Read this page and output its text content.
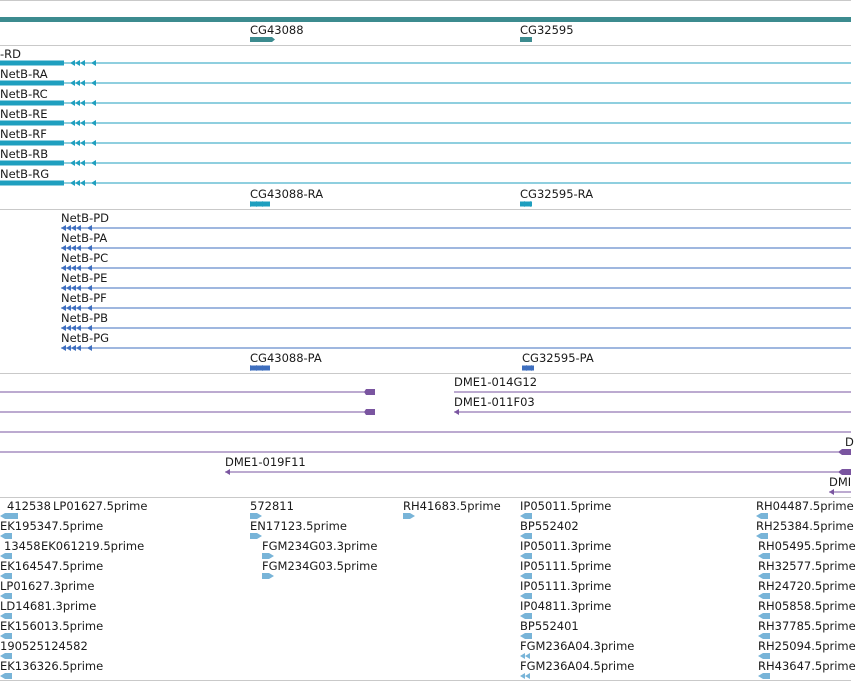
CG43088	CG32595
-RD
NetB-RA
NetB-RC
NetB-RE
NetB-RF
NetB-RB
NetB-RG
CG43088-RA	CG32595-RA
NetB-PD
NetB-PA
NetB-PC
NetB-PE
NetB-PF
NetB-PB
NetB-PG
CG43088-PA	CG32595-PA
DME1-014G12
DME1-011F03
DME1-019F11
D
DMI
412538 LP01627.5prime	572811	RH41683.5prime IP05011.5prime	RH04487.5prime
EK195347.5prime	EN17123.5prime	BP552402	RH25384.5prime
13458 EK061219.5prime	FGM234G03.3prime	IP05011.3prime	RH05495.5prime
EK164547.5prime	FGM234G03.5prime	IP05111.5prime	RH32577.5prime
LP01627.3prime	IP05111.3prime	RH24720.5prime
LD14681.3prime	IP04811.3prime	RH05858.5prime
EK156013.5prime	BP552401	RH37785.5prime
190525124582	FGM236A04.3prime	RH25094.5prime
EK136326.5prime	FGM236A04.5prime	RH43647.5prime
